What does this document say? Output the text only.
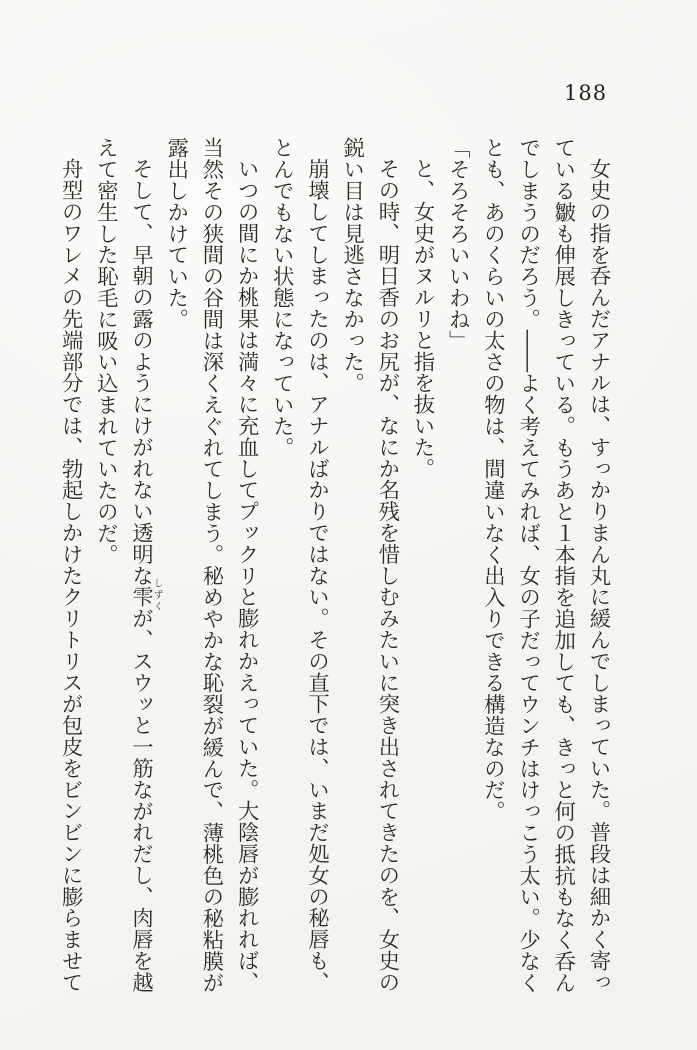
188
女史の指を呑んだアナルは、すっかりまん丸に緩んでしまっていた。普段は細かく寄っ
ている皺も伸展しきっている。もうあと１本指を追加しても、きっと何の抵抗もなく呑ん
でしまうのだろう。――よく考えてみれば、女の子だってウンチはけっこう太い。少なく
とも、あのくらいの太さの物は、間違いなく出入りできる構造なのだ。
「そろそろいいわね」
と、女史がヌルリと指を抜いた。
その時、明日香のお尻が、なにか名残を惜しむみたいに突き出されてきたのを、女史の
鋭い目は見逃さなかった。
崩壊してしまったのは、アナルばかりではない。その直下では、いまだ処女の秘唇も、
とんでもない状態になっていた。
いつの間にか桃果は満々に充血してプックリと膨れかえっていた。大陰唇が膨れれば、
当然その狭間の谷間は深くえぐれてしまう。秘めやかな恥裂が緩んで、薄桃色の秘粘膜が
露出しかけていた。
そして、早朝の露のようにけがれない透明な雫
しずく
が、スウッと一筋ながれだし、肉唇を越
えて密生した恥毛に吸い込まれていたのだ。
舟型のワレメの先端部分では、勃起しかけたクリトリスが包皮をビンビンに膨らませて
